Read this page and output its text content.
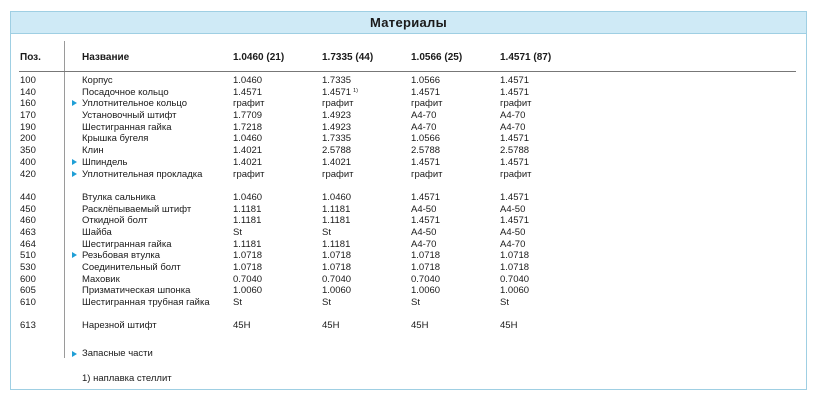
Материалы
Поз.	Название	1.0460 (21)	1.7335 (44)	1.0566 (25)	1.4571 (87)
100	Корпус	1.0460	1.7335	1.0566	1.4571
140	Посадочное кольцо	1.4571	1.4571 $^{1)}$	1.4571	1.4571
160	Уплотнительное кольцо	графит	графит	графит	графит
170	Установочный штифт	1.7709	1.4923	A4-70	A4-70
190	Шестигранная гайка	1.7218	1.4923	A4-70	A4-70
200	Крышка бугеля	1.0460	1.7335	1.0566	1.4571
350	Клин	1.4021	2.5788	2.5788	2.5788
400	Шпиндель	1.4021	1.4021	1.4571	1.4571
420	Уплотнительная прокладка	графит	графит	графит	графит
440	Втулка сальника	1.0460	1.0460	1.4571	1.4571
450	Расклёпываемый штифт	1.1181	1.1181	A4-50	A4-50
460	Откидной болт	1.1181	1.1181	1.4571	1.4571
463	Шайба	St	St	A4-50	A4-50
464	Шестигранная гайка	1.1181	1.1181	A4-70	A4-70
510	Резьбовая втулка	1.0718	1.0718	1.0718	1.0718
530	Соединительный болт	1.0718	1.0718	1.0718	1.0718
600	Маховик	0.7040	0.7040	0.7040	0.7040
605	Призматическая шпонка	1.0060	1.0060	1.0060	1.0060
610	Шестигранная трубная гайка	St	St	St	St
613	Нарезной штифт	45H	45H	45H	45H
Запасные части
1) наплавка стеллит
